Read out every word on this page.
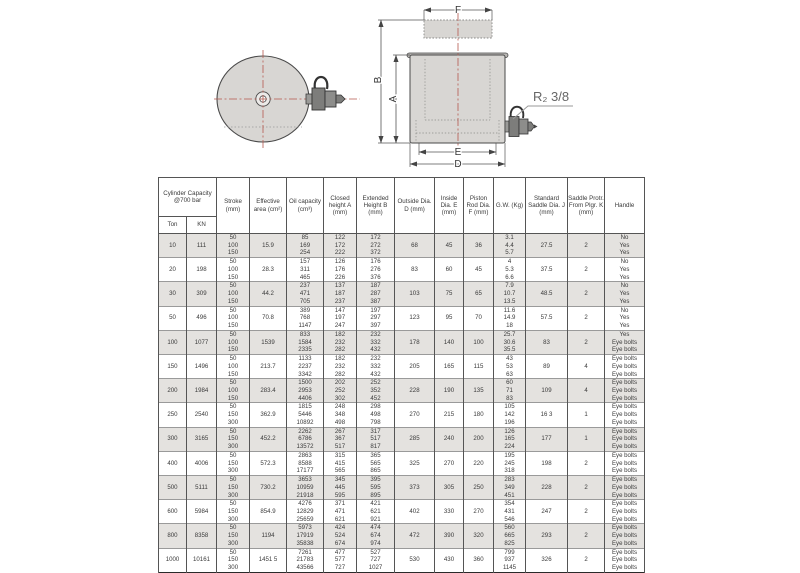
F
B
A
E
D
R₂ 3/8
Cylinder Capacity @700 bar		Stroke (mm)	Effective area (cm²)	Oil capacity (cm³)	Closed height A (mm)	Extended Height B (mm)	Outside Dia. D (mm)	Inside Dia. E (mm)	Piston Rod Dia. F (mm)	G.W. (Kg)	Standard Saddle Dia. J (mm)	Saddle Protr. From Plgr. K (mm)	Handle
Ton	KN												
10	111	50	15.9	85	122	172	68	45	36	3.1	27.5	2	No
		100		169	172	272				4.4			Yes
		150		254	222	372				5.7			Yes
20	198	50	28.3	157	126	176	83	60	45	4	37.5	2	No
		100		311	176	276				5.3			Yes
		150		465	226	376				6.6			Yes
30	309	50	44.2	237	137	187	103	75	65	7.9	48.5	2	No
		100		471	187	287				10.7			Yes
		150		705	237	387				13.5			Yes
50	496	50	70.8	389	147	197	123	95	70	11.6	57.5	2	No
		100		768	197	297				14.9			Yes
		150		1147	247	397				18			Yes
100	1077	50	1539	833	182	232	178	140	100	25.7	83	2	Yes
		100		1584	232	332				30.6			Eye bolts
		150		2335	282	432				35.5			Eye bolts
150	1496	50	213.7	1133	182	232	205	165	115	43	89	4	Eye bolts
		100		2237	232	332				53			Eye bolts
		150		3342	282	432				63			Eye bolts
200	1984	50	283.4	1500	202	252	228	190	135	60	109	4	Eye bolts
		100		2953	252	352				71			Eye bolts
		150		4406	302	452				83			Eye bolts
250	2540	50	362.9	1815	248	298	270	215	180	105	16 3	1	Eye bolts
		150		5446	348	498				142			Eye bolts
		300		10892	498	798				196			Eye bolts
300	3165	50	452.2	2262	267	317	285	240	200	126	177	1	Eye bolts
		150		6786	367	517				165			Eye bolts
		300		13572	517	817				224			Eye bolts
400	4006	50	572.3	2863	315	365	325	270	220	195	198	2	Eye bolts
		150		8588	415	565				245			Eye bolts
		300		17177	565	865				318			Eye bolts
500	5111	50	730.2	3653	345	395	373	305	250	283	228	2	Eye bolts
		150		10959	445	595				349			Eye bolts
		300		21918	595	895				451			Eye bolts
600	5984	50	854.9	4276	371	421	402	330	270	354	247	2	Eye bolts
		150		12829	471	621				431			Eye bolts
		300		25659	621	921				546			Eye bolts
800	8358	50	1194	5973	424	474	472	390	320	560	293	2	Eye bolts
		150		17919	524	674				665			Eye bolts
		300		35838	674	974				825			Eye bolts
1000	10161	50	1451 5	7261	477	527	530	430	360	799	326	2	Eye bolts
		150		21783	577	727				937			Eye bolts
		300		43566	727	1027				1145			Eye bolts
